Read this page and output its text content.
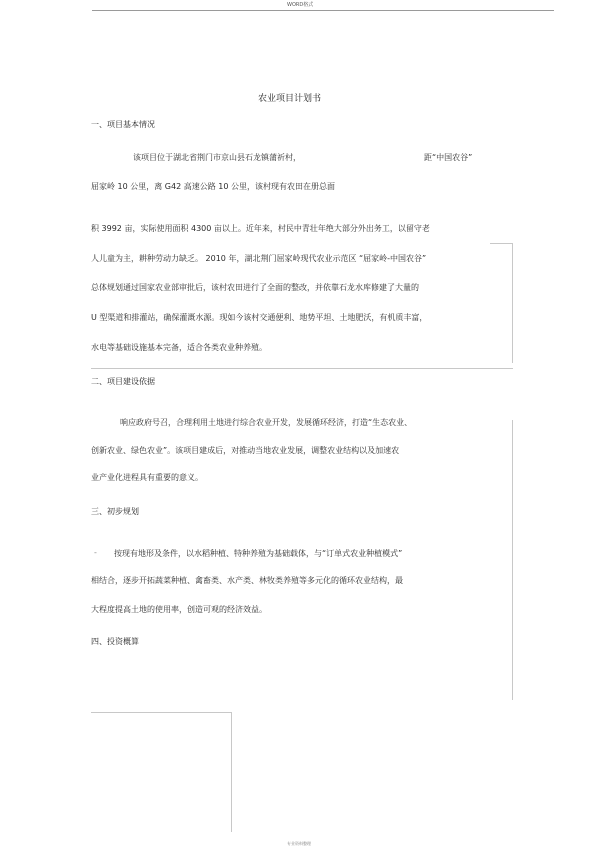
WORD格式
农业项目计划书
一、项目基本情况
该项目位于湖北省荆门市京山县石龙镇蒲祈村，	距“中国农谷”
屈家岭 10 公里，离 G42 高速公路 10 公里，该村现有农田在册总面
积 3992 亩，实际使用面积 4300 亩以上。近年来，村民中青壮年绝大部分外出务工，以留守老
人儿童为主，耕种劳动力缺乏。 2010 年，湖北荆门屈家岭现代农业示范区 “屈家岭-中国农谷”
总体规划通过国家农业部审批后，该村农田进行了全面的整改，并依靠石龙水库修建了大量的
U 型渠道和排灌站，确保灌溉水源。现如今该村交通便利、地势平坦、土地肥沃，有机质丰富，
水电等基础设施基本完备，适合各类农业种养殖。
二、项目建设依据
响应政府号召，合理利用土地进行综合农业开发，发展循环经济，打造“生态农业、
创新农业、绿色农业”。该项目建成后，对推动当地农业发展，调整农业结构以及加速农
业产业化进程具有重要的意义。
三、初步规划
- 按现有地形及条件，以水稻种植、特种养殖为基础载体，与“订单式农业种植模式”
相结合，逐步开拓蔬菜种植、禽畜类、水产类、林牧类养殖等多元化的循环农业结构，最
大程度提高土地的使用率，创造可观的经济效益。
四、投资概算
专业资料整理
